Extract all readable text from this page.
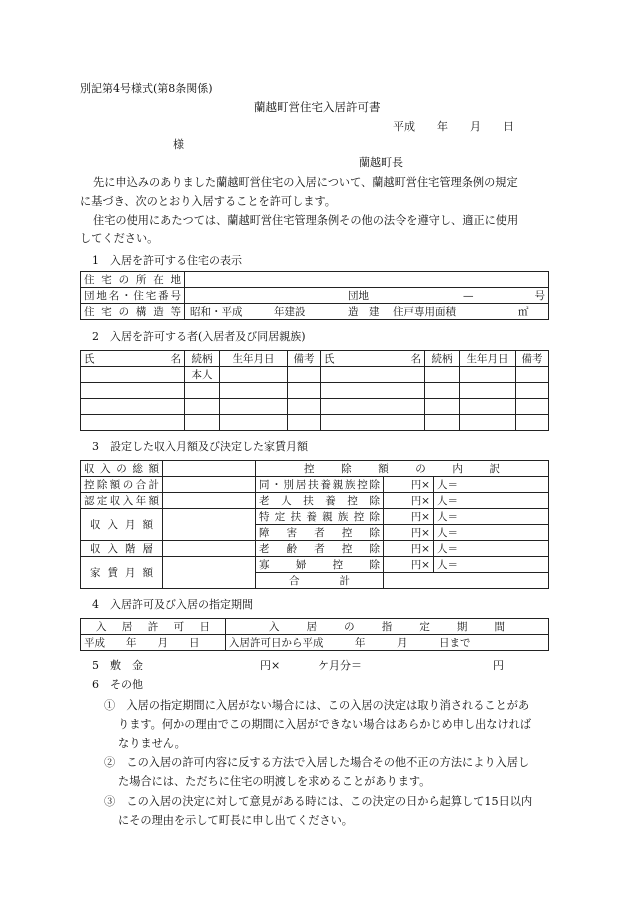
別記第4号様式(第8条関係)
蘭越町営住宅入居許可書
平成　　年　　月　　日
様
蘭越町長
先に申込みのありました蘭越町営住宅の入居について、蘭越町営住宅管理条例の規定
に基づき、次のとおり入居することを許可します。
住宅の使用にあたつては、蘭越町営住宅管理条例その他の法令を遵守し、適正に使用
してください。
1　入居を許可する住宅の表示
住宅の所在地	
団地名・住宅番号	団地 — 号

住宅の構造等	昭和・平成 年建設 造　建 住戸専用面積 ㎡
2　入居を許可する者(入居者及び同居親族)
氏名	続柄	生年月日	備考	氏名	続柄	生年月日	備考
	本人						

3　設定した収入月額及び決定した家賃月額
収入の総額		控除額の内訳		

控除額の合計		同・別居扶養親族控除	円×	人＝
認定収入年額		老人扶養控除	円×	人＝

収入月額		特定扶養親族控除	円×	人＝
		障害者控除	円×	人＝

収入階層		老齢者控除	円×	人＝

家賃月額		寡婦控除	円×	人＝

		合計		

4　入居許可及び入居の指定期間
入居許可日	入居の指定期間

平成　　年　　月　　日	入居許可日から平成　　　年　　　月　　　日まで
5　敷　金	円×	ケ月分＝	円
6　その他
①　入居の指定期間に入居がない場合には、この入居の決定は取り消されることがあ
ります。何かの理由でこの期間に入居ができない場合はあらかじめ申し出なければ
なりません。
②　この入居の許可内容に反する方法で入居した場合その他不正の方法により入居し
た場合には、ただちに住宅の明渡しを求めることがあります。
③　この入居の決定に対して意見がある時には、この決定の日から起算して15日以内
にその理由を示して町長に申し出てください。
